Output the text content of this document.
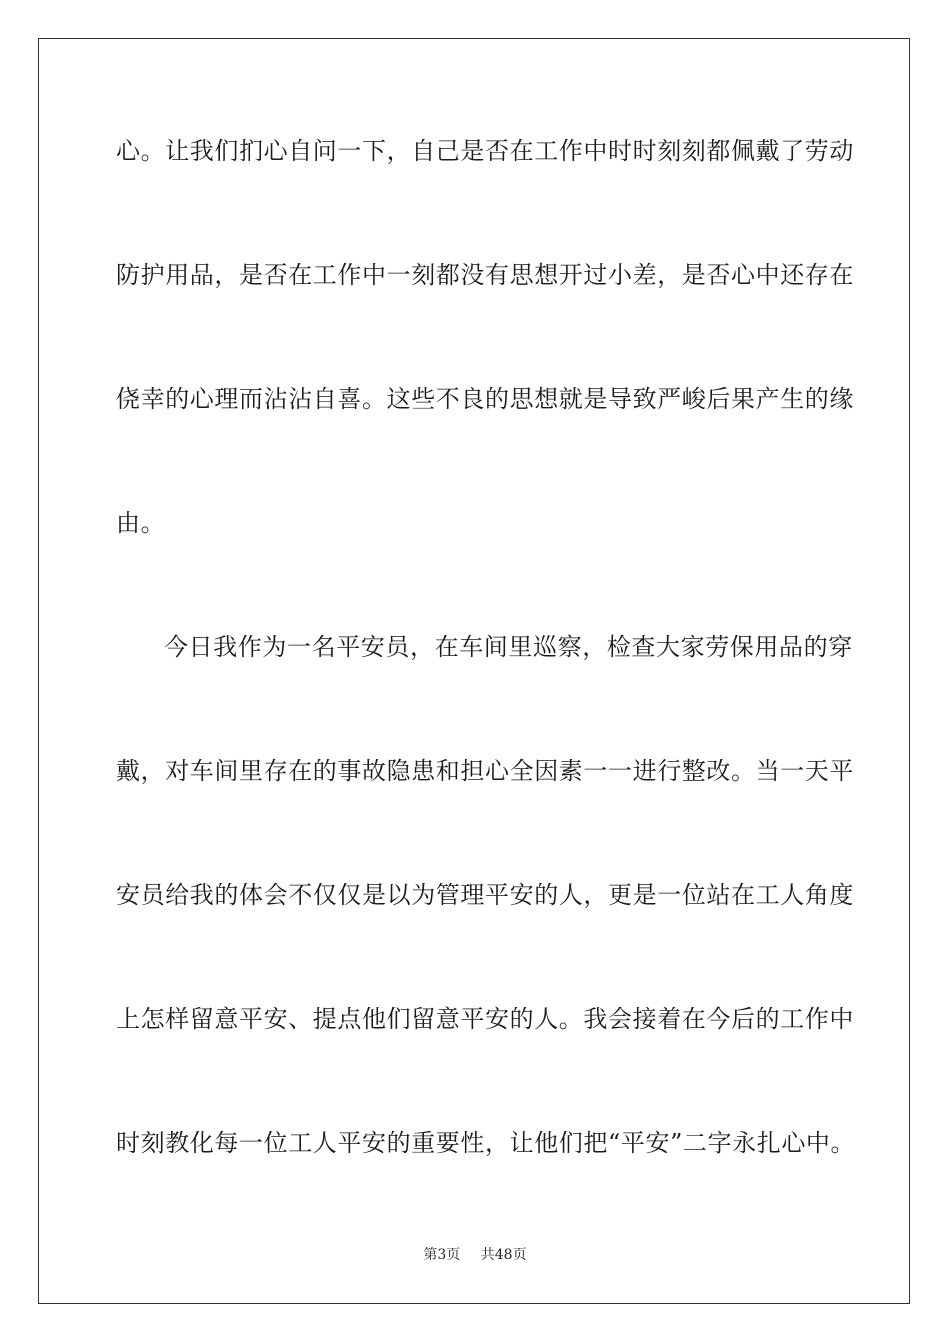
心。让我们扪心自问一下，自己是否在工作中时时刻刻都佩戴了劳动

防护用品，是否在工作中一刻都没有思想开过小差，是否心中还存在

侥幸的心理而沾沾自喜。这些不良的思想就是导致严峻后果产生的缘

由。

今日我作为一名平安员，在车间里巡察，检查大家劳保用品的穿

戴，对车间里存在的事故隐患和担心全因素一一进行整改。当一天平

安员给我的体会不仅仅是以为管理平安的人，更是一位站在工人角度

上怎样留意平安、提点他们留意平安的人。我会接着在今后的工作中

时刻教化每一位工人平安的重要性，让他们把“平安”二字永扎心中。

第3页 共48页
